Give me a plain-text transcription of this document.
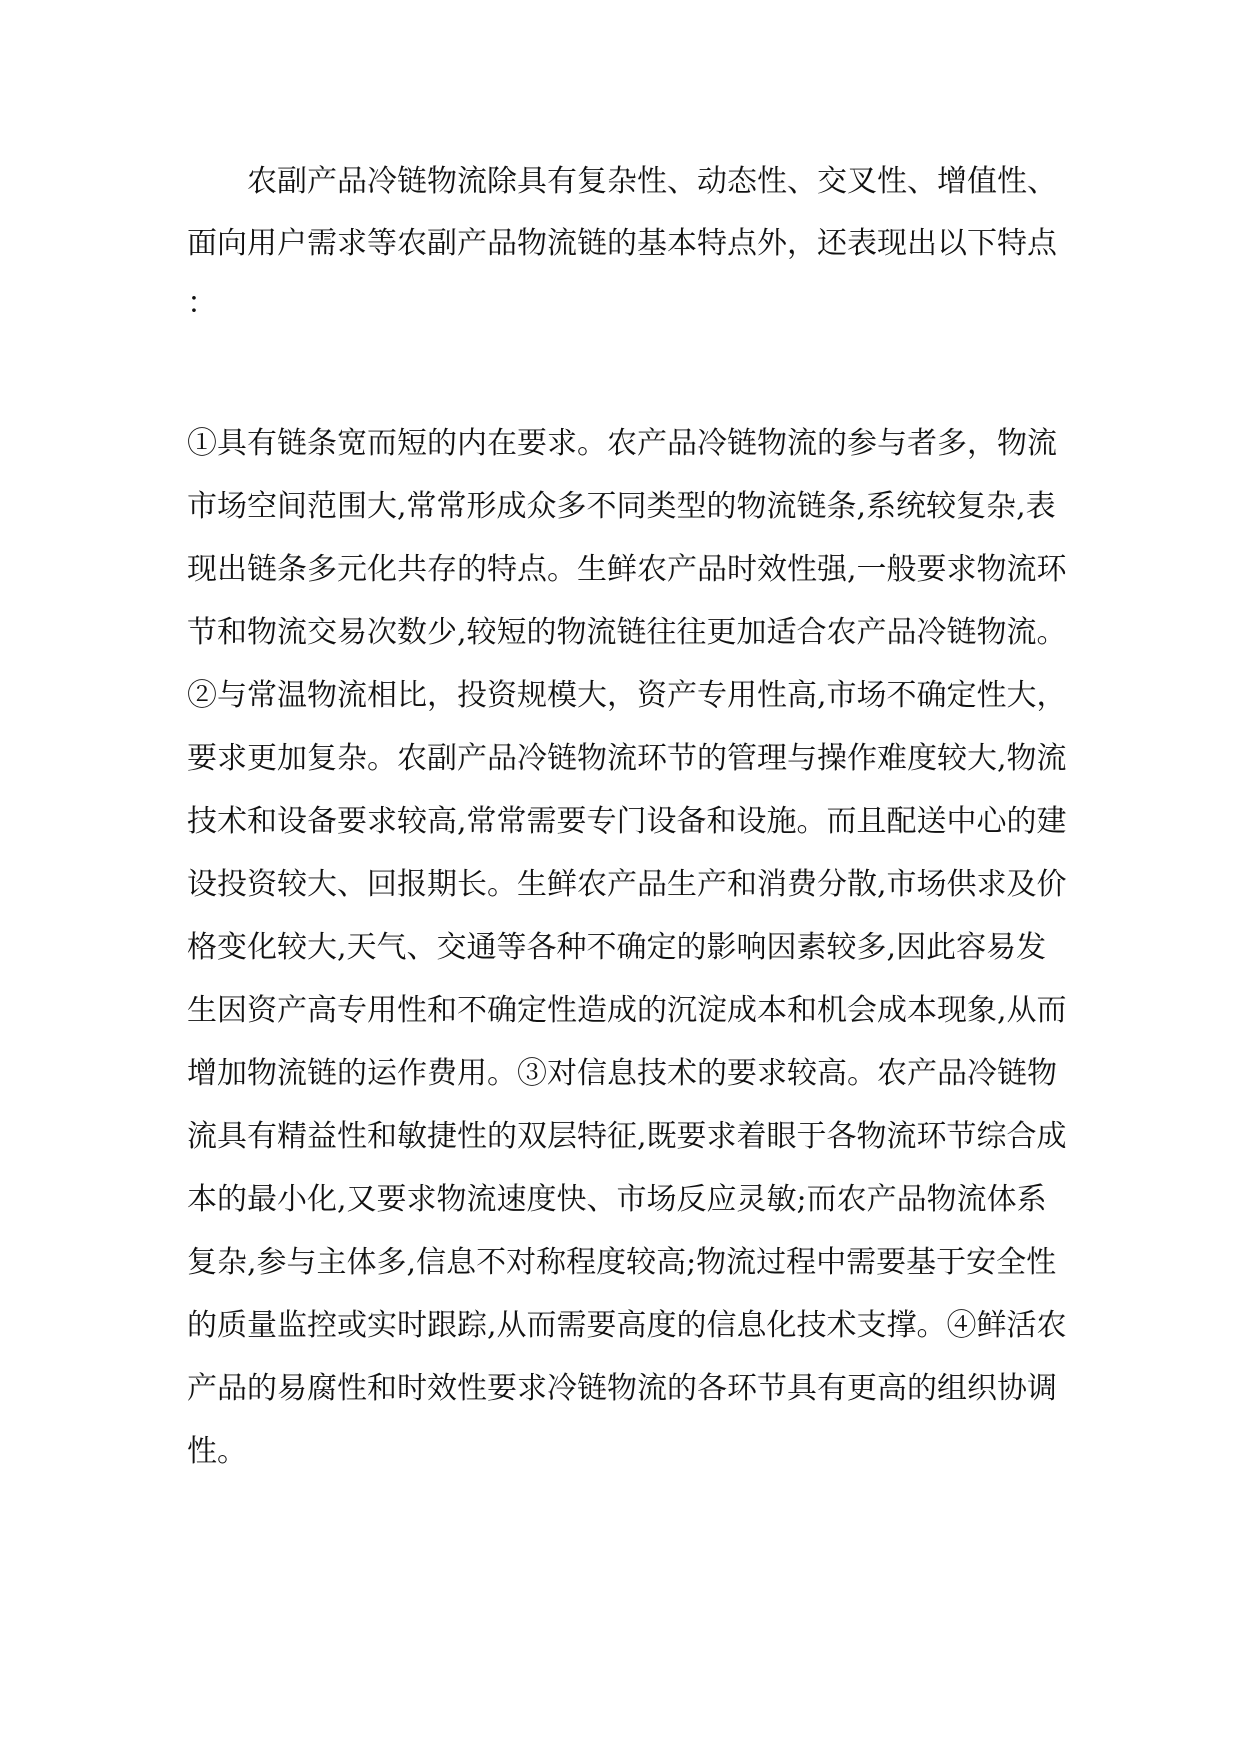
农副产品冷链物流除具有复杂性、动态性、交叉性、增值性、

面向用户需求等农副产品物流链的基本特点外，还表现出以下特点

：

①具有链条宽而短的内在要求。农产品冷链物流的参与者多，物流

市场空间范围大,常常形成众多不同类型的物流链条,系统较复杂,表

现出链条多元化共存的特点。生鲜农产品时效性强,一般要求物流环

节和物流交易次数少,较短的物流链往往更加适合农产品冷链物流。

②与常温物流相比，投资规模大，资产专用性高,市场不确定性大，

要求更加复杂。农副产品冷链物流环节的管理与操作难度较大,物流

技术和设备要求较高,常常需要专门设备和设施。而且配送中心的建

设投资较大、回报期长。生鲜农产品生产和消费分散,市场供求及价

格变化较大,天气、交通等各种不确定的影响因素较多,因此容易发

生因资产高专用性和不确定性造成的沉淀成本和机会成本现象,从而

增加物流链的运作费用。③对信息技术的要求较高。农产品冷链物

流具有精益性和敏捷性的双层特征,既要求着眼于各物流环节综合成

本的最小化,又要求物流速度快、市场反应灵敏;而农产品物流体系

复杂,参与主体多,信息不对称程度较高;物流过程中需要基于安全性

的质量监控或实时跟踪,从而需要高度的信息化技术支撑。④鲜活农

产品的易腐性和时效性要求冷链物流的各环节具有更高的组织协调

性。
